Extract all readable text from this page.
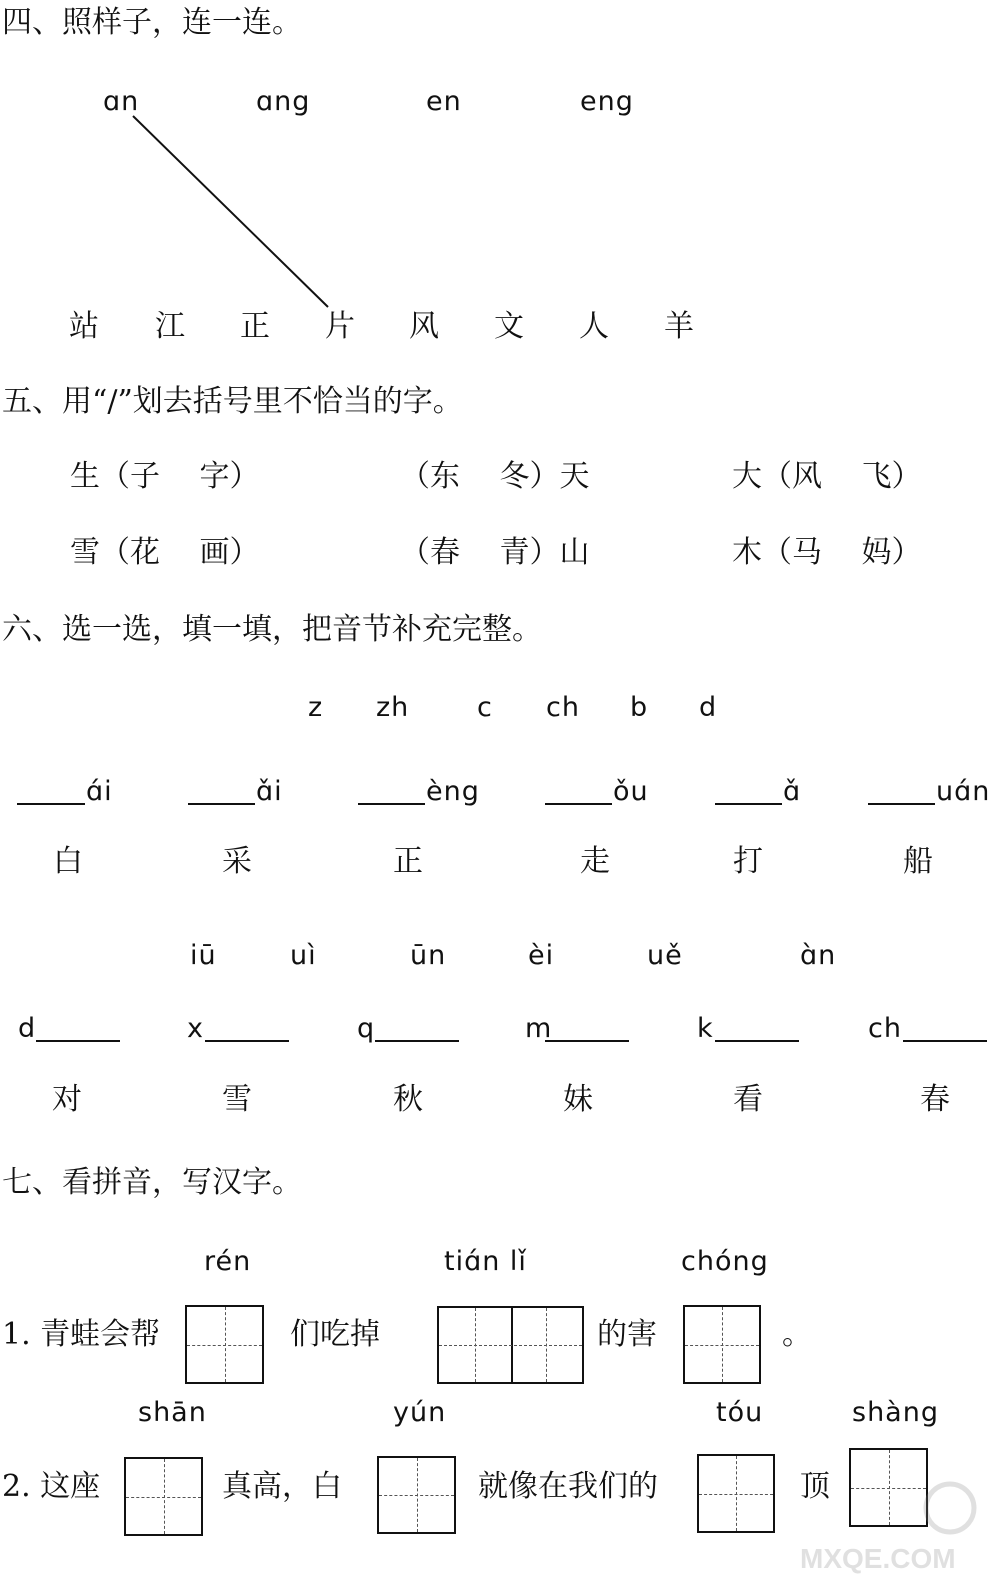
四、照样子，连一连。
ɑn	ɑng	en	eng
站 江 正 片 风 文 人 羊
五、用“/”划去括号里不恰当的字。
生（子　 字）	（东　 冬）天	大（风　 飞）
雪（花　 画）	（春　 青）山	木（马　 妈）
六、选一选，填一填，把音节补充完整。
z zh	c ch b d
ɑ́i	ɑ̌i	èng	ǒu	ɑ̌	uɑ́n
白	采	正	走	打	船
iū	uì	ūn	èi	uě	ɑ̀n
d	x	q	m	k	ch
对	雪	秋	妹	看	春
七、看拼音，写汉字。
rén	tiɑ́n lǐ	chóng
1. 青蛙会帮	们吃掉	的害	。
shān	yún	tóu	shàng
2. 这座	真高，白	就像在我们的	顶
MXQE.COM
